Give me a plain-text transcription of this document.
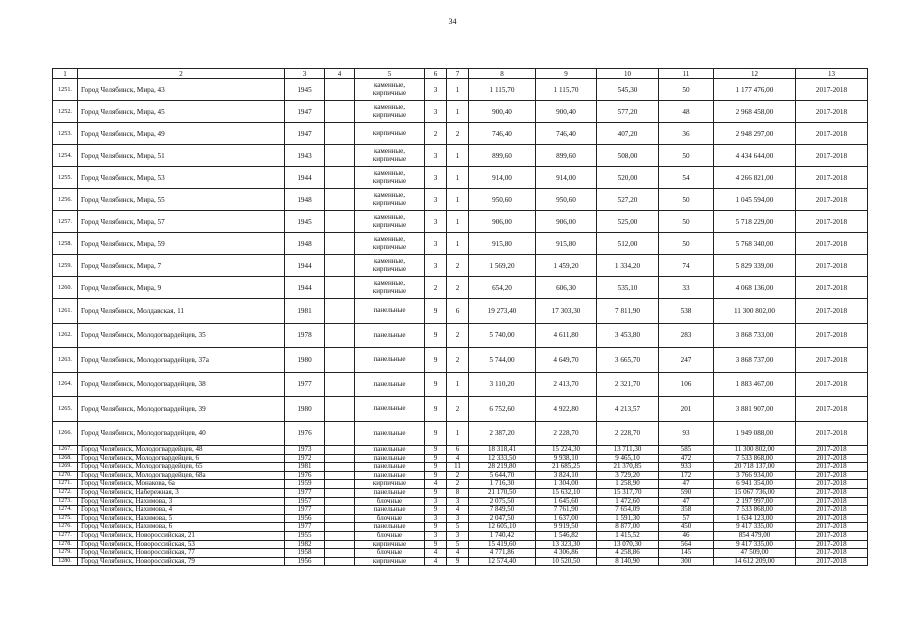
34
1	2	3	4	5	6	7	8	9	10	11	12	13
1251.	Город Челябинск, Мира, 43	1945		каменные, кирпичные	3	1	1 115,70	1 115,70	545,30	50	1 177 476,00	2017-2018
1252.	Город Челябинск, Мира, 45	1947		каменные, кирпичные	3	1	900,40	900,40	577,20	48	2 968 458,00	2017-2018
1253.	Город Челябинск, Мира, 49	1947		кирпичные	2	2	746,40	746,40	407,20	36	2 948 297,00	2017-2018
1254.	Город Челябинск, Мира, 51	1943		каменные, кирпичные	3	1	899,60	899,60	508,00	50	4 434 644,00	2017-2018
1255.	Город Челябинск, Мира, 53	1944		каменные, кирпичные	3	1	914,00	914,00	520,00	54	4 266 821,00	2017-2018
1256.	Город Челябинск, Мира, 55	1948		каменные, кирпичные	3	1	950,60	950,60	527,20	50	1 045 594,00	2017-2018
1257.	Город Челябинск, Мира, 57	1945		каменные, кирпичные	3	1	906,00	906,00	525,00	50	5 718 229,00	2017-2018
1258.	Город Челябинск, Мира, 59	1948		каменные, кирпичные	3	1	915,80	915,80	512,00	50	5 768 340,00	2017-2018
1259.	Город Челябинск, Мира, 7	1944		каменные, кирпичные	3	2	1 569,20	1 459,20	1 334,20	74	5 829 339,00	2017-2018
1260.	Город Челябинск, Мира, 9	1944		каменные, кирпичные	2	2	654,20	606,30	535,10	33	4 068 136,00	2017-2018
1261.	Город Челябинск, Молдавская, 11	1981		панельные	9	6	19 273,40	17 303,30	7 811,90	538	11 300 802,00	2017-2018
1262.	Город Челябинск, Молодогвардейцев, 35	1978		панельные	9	2	5 740,00	4 611,80	3 453,80	283	3 868 733,00	2017-2018
1263.	Город Челябинск, Молодогвардейцев, 37а	1980		панельные	9	2	5 744,00	4 649,70	3 665,70	247	3 868 737,00	2017-2018
1264.	Город Челябинск, Молодогвардейцев, 38	1977		панельные	9	1	3 110,20	2 413,70	2 321,70	106	1 883 467,00	2017-2018
1265.	Город Челябинск, Молодогвардейцев, 39	1980		панельные	9	2	6 752,60	4 922,80	4 213,57	201	3 881 907,00	2017-2018
1266.	Город Челябинск, Молодогвардейцев, 40	1976		панельные	9	1	2 387,20	2 228,70	2 228,70	93	1 949 088,00	2017-2018
1267.	Город Челябинск, Молодогвардейцев, 48	1973		панельные	9	6	18 318,41	15 224,30	13 711,30	585	11 300 802,00	2017-2018
1268.	Город Челябинск, Молодогвардейцев, 6	1972		панельные	9	4	12 333,50	9 938,10	9 465,10	472	7 533 868,00	2017-2018
1269.	Город Челябинск, Молодогвардейцев, 65	1981		панельные	9	11	28 219,80	21 685,25	21 370,85	933	20 718 137,00	2017-2018
1270.	Город Челябинск, Молодогвардейцев, 68а	1976		панельные	9	2	5 644,70	3 824,10	3 729,20	172	3 766 934,00	2017-2018
1271.	Город Челябинск, Монакова, 6а	1959		кирпичные	4	2	1 716,30	1 304,00	1 258,90	47	6 941 354,00	2017-2018
1272.	Город Челябинск, Набережная, 3	1977		панельные	9	8	21 170,50	15 632,10	15 317,70	590	15 067 736,00	2017-2018
1273.	Город Челябинск, Нахимова, 3	1957		блочные	3	3	2 075,50	1 645,60	1 472,60	47	2 197 997,00	2017-2018
1274.	Город Челябинск, Нахимова, 4	1977		панельные	9	4	7 849,50	7 761,90	7 654,09	358	7 533 868,00	2017-2018
1275.	Город Челябинск, Нахимова, 5	1956		блочные	3	3	2 047,50	1 637,00	1 591,30	57	1 634 123,00	2017-2018
1276.	Город Челябинск, Нахимова, 6	1977		панельные	9	5	12 605,10	9 919,50	8 877,00	450	9 417 335,00	2017-2018
1277.	Город Челябинск, Новороссийская, 21	1955		блочные	3	3	1 740,42	1 546,82	1 415,52	46	854 479,00	2017-2018
1278.	Город Челябинск, Новороссийская, 53	1982		кирпичные	9	5	15 419,60	13 323,30	13 070,30	564	9 417 335,00	2017-2018
1279.	Город Челябинск, Новороссийская, 77	1958		блочные	4	4	4 771,86	4 306,86	4 258,86	145	47 509,00	2017-2018
1280.	Город Челябинск, Новороссийская, 79	1956		кирпичные	4	9	12 574,40	10 520,50	8 140,90	300	14 612 209,00	2017-2018
